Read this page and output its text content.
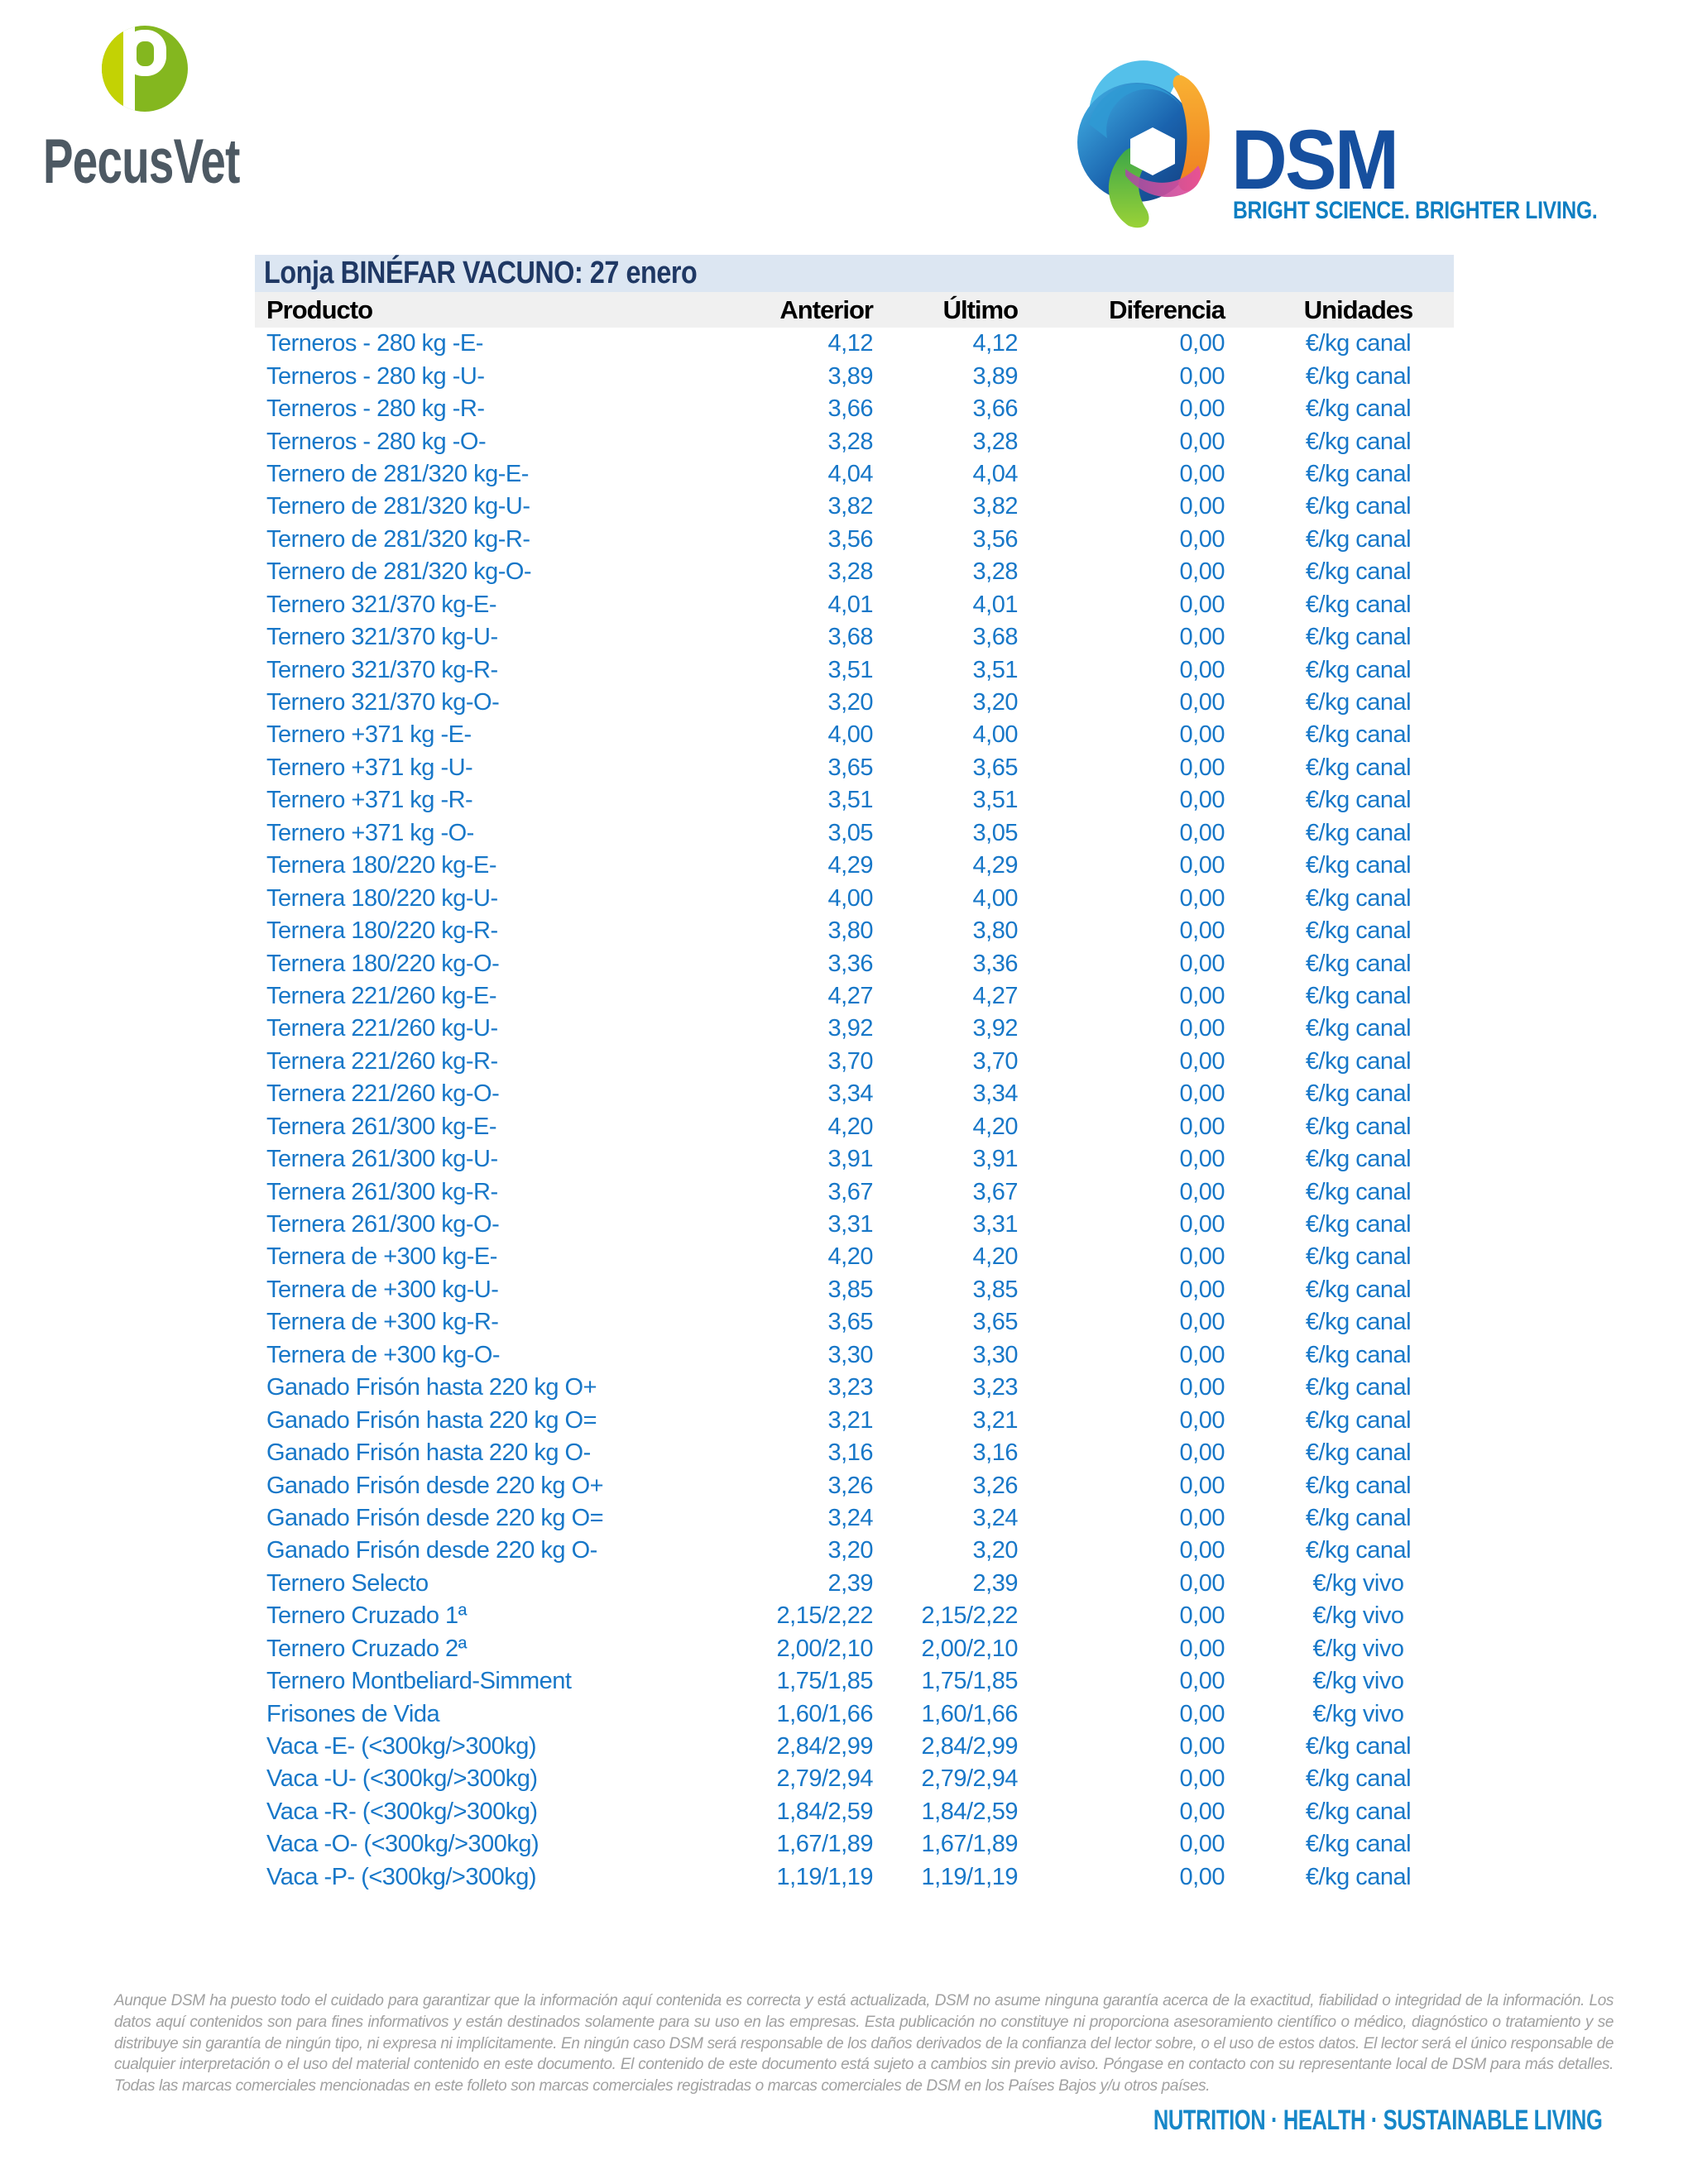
PecusVet	DSM
BRIGHT SCIENCE. BRIGHTER LIVING.
Lonja BINÉFAR VACUNO: 27 enero
Producto	Anterior	Último	Diferencia	Unidades
Terneros - 280 kg -E-	4,12	4,12	0,00	€/kg canal
Terneros - 280 kg -U-	3,89	3,89	0,00	€/kg canal
Terneros - 280 kg -R-	3,66	3,66	0,00	€/kg canal
Terneros - 280 kg -O-	3,28	3,28	0,00	€/kg canal
Ternero de 281/320 kg-E-	4,04	4,04	0,00	€/kg canal
Ternero de 281/320 kg-U-	3,82	3,82	0,00	€/kg canal
Ternero de 281/320 kg-R-	3,56	3,56	0,00	€/kg canal
Ternero de 281/320 kg-O-	3,28	3,28	0,00	€/kg canal
Ternero 321/370 kg-E-	4,01	4,01	0,00	€/kg canal
Ternero 321/370 kg-U-	3,68	3,68	0,00	€/kg canal
Ternero 321/370 kg-R-	3,51	3,51	0,00	€/kg canal
Ternero 321/370 kg-O-	3,20	3,20	0,00	€/kg canal
Ternero +371 kg -E-	4,00	4,00	0,00	€/kg canal
Ternero +371 kg -U-	3,65	3,65	0,00	€/kg canal
Ternero +371 kg -R-	3,51	3,51	0,00	€/kg canal
Ternero +371 kg -O-	3,05	3,05	0,00	€/kg canal
Ternera 180/220 kg-E-	4,29	4,29	0,00	€/kg canal
Ternera 180/220 kg-U-	4,00	4,00	0,00	€/kg canal
Ternera 180/220 kg-R-	3,80	3,80	0,00	€/kg canal
Ternera 180/220 kg-O-	3,36	3,36	0,00	€/kg canal
Ternera 221/260 kg-E-	4,27	4,27	0,00	€/kg canal
Ternera 221/260 kg-U-	3,92	3,92	0,00	€/kg canal
Ternera 221/260 kg-R-	3,70	3,70	0,00	€/kg canal
Ternera 221/260 kg-O-	3,34	3,34	0,00	€/kg canal
Ternera 261/300 kg-E-	4,20	4,20	0,00	€/kg canal
Ternera 261/300 kg-U-	3,91	3,91	0,00	€/kg canal
Ternera 261/300 kg-R-	3,67	3,67	0,00	€/kg canal
Ternera 261/300 kg-O-	3,31	3,31	0,00	€/kg canal
Ternera de +300 kg-E-	4,20	4,20	0,00	€/kg canal
Ternera de +300 kg-U-	3,85	3,85	0,00	€/kg canal
Ternera de +300 kg-R-	3,65	3,65	0,00	€/kg canal
Ternera de +300 kg-O-	3,30	3,30	0,00	€/kg canal
Ganado Frisón hasta 220 kg O+	3,23	3,23	0,00	€/kg canal
Ganado Frisón hasta 220 kg O=	3,21	3,21	0,00	€/kg canal
Ganado Frisón hasta 220 kg O-	3,16	3,16	0,00	€/kg canal
Ganado Frisón desde 220 kg O+	3,26	3,26	0,00	€/kg canal
Ganado Frisón desde 220 kg O=	3,24	3,24	0,00	€/kg canal
Ganado Frisón desde 220 kg O-	3,20	3,20	0,00	€/kg canal
Ternero Selecto	2,39	2,39	0,00	€/kg vivo
Ternero Cruzado 1ª	2,15/2,22	2,15/2,22	0,00	€/kg vivo
Ternero Cruzado 2ª	2,00/2,10	2,00/2,10	0,00	€/kg vivo
Ternero Montbeliard-Simment	1,75/1,85	1,75/1,85	0,00	€/kg vivo
Frisones de Vida	1,60/1,66	1,60/1,66	0,00	€/kg vivo
Vaca -E- (<300kg/>300kg)	2,84/2,99	2,84/2,99	0,00	€/kg canal
Vaca -U- (<300kg/>300kg)	2,79/2,94	2,79/2,94	0,00	€/kg canal
Vaca -R- (<300kg/>300kg)	1,84/2,59	1,84/2,59	0,00	€/kg canal
Vaca -O- (<300kg/>300kg)	1,67/1,89	1,67/1,89	0,00	€/kg canal
Vaca -P- (<300kg/>300kg)	1,19/1,19	1,19/1,19	0,00	€/kg canal
Aunque DSM ha puesto todo el cuidado para garantizar que la información aquí contenida es correcta y está actualizada, DSM no asume ninguna garantía acerca de la exactitud, fiabilidad o integridad de la información. Los datos aquí contenidos son para fines informativos y están destinados solamente para su uso en las empresas. Esta publicación no constituye ni proporciona asesoramiento científico o médico, diagnóstico o tratamiento y se distribuye sin garantía de ningún tipo, ni expresa ni implícitamente. En ningún caso DSM será responsable de los daños derivados de la confianza del lector sobre, o el uso de estos datos. El lector será el único responsable de cualquier interpretación o el uso del material contenido en este documento. El contenido de este documento está sujeto a cambios sin previo aviso. Póngase en contacto con su representante local de DSM para más detalles. Todas las marcas comerciales mencionadas en este folleto son marcas comerciales registradas o marcas comerciales de DSM en los Países Bajos y/u otros países.
NUTRITION · HEALTH · SUSTAINABLE LIVING
